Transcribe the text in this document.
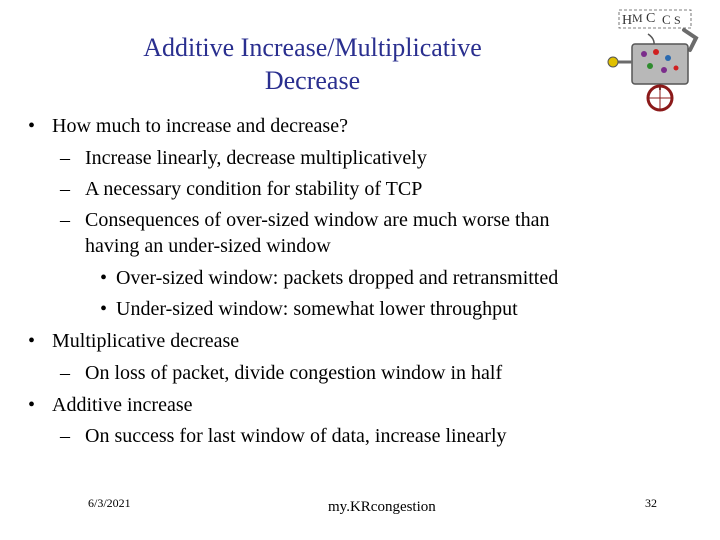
Additive Increase/Multiplicative
Decrease
H M C C S
• How much to increase and decrease?
– Increase linearly, decrease multiplicatively
– A necessary condition for stability of TCP
– Consequences of over-sized window are much worse than
having an under-sized window
• Over-sized window: packets dropped and retransmitted
• Under-sized window: somewhat lower throughput
• Multiplicative decrease
– On loss of packet, divide congestion window in half
• Additive increase
– On success for last window of data, increase linearly
6/3/2021	my.KRcongestion	32
